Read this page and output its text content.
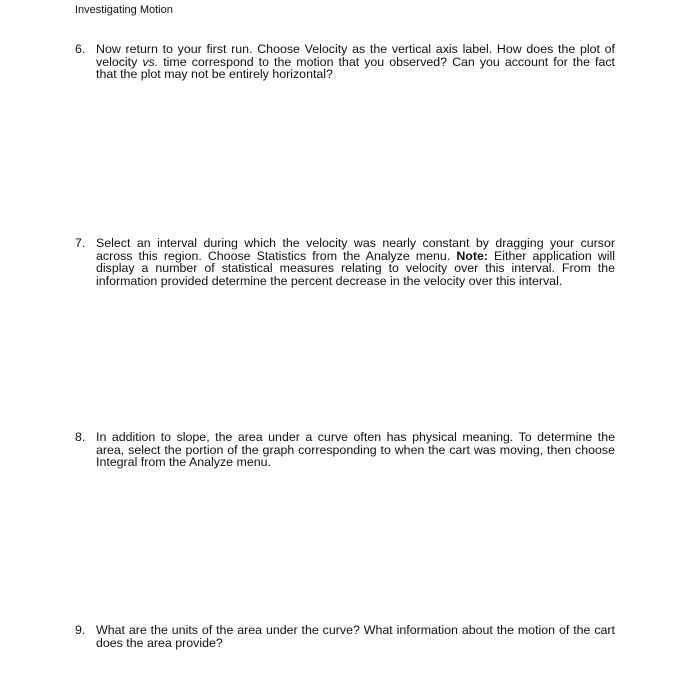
Investigating Motion
6. Now return to your first run. Choose Velocity as the vertical axis label. How does the plot of velocity vs. time correspond to the motion that you observed? Can you account for the fact that the plot may not be entirely horizontal?
7. Select an interval during which the velocity was nearly constant by dragging your cursor across this region. Choose Statistics from the Analyze menu. Note: Either application will display a number of statistical measures relating to velocity over this interval. From the information provided determine the percent decrease in the velocity over this interval.
8. In addition to slope, the area under a curve often has physical meaning. To determine the area, select the portion of the graph corresponding to when the cart was moving, then choose Integral from the Analyze menu.
9. What are the units of the area under the curve? What information about the motion of the cart does the area provide?
